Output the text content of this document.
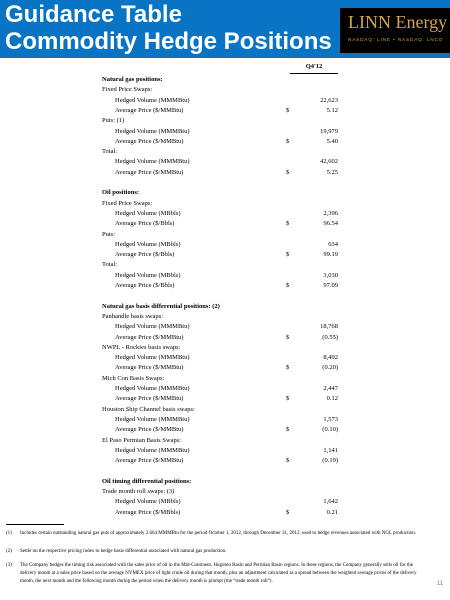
Guidance Table
Commodity Hedge Positions
LINN Energy
NASDAQ: LINE • NASDAQ: LNCO
Q4'12
Natural gas positions:
Fixed Price Swaps:
Hedged Volume (MMMBtu)	22,623
Average Price ($/MMBtu)	$	5.12
Puts: (1)
Hedged Volume (MMMBtu)	19,979
Average Price ($/MMBtu)	$	5.40
Total:
Hedged Volume (MMMBtu)	42,602
Average Price ($/MMBtu)	$	5.25
Oil positions:
Fixed Price Swaps:
Hedged Volume (MBbls)	2,396
Average Price ($/Bbls)	$	96.54
Puts:
Hedged Volume (MBbls)	634
Average Price ($/Bbls)	$	99.19
Total:
Hedged Volume (MBbls)	3,030
Average Price ($/Bbls)	$	97.09
Natural gas basis differential positions: (2)
Panhandle basis swaps:
Hedged Volume (MMMBtu)	18,768
Average Price ($/MMBtu)	$	(0.55)
NWPL - Rockies basis swaps:
Hedged Volume (MMMBtu)	8,492
Average Price ($/MMBtu)	$	(0.20)
Mich Con Basis Swaps:
Hedged Volume (MMMBtu)	2,447
Average Price ($/MMBtu)	$	0.12
Houston Ship Channel basis swaps:
Hedged Volume (MMMBtu)	1,573
Average Price ($/MMBtu)	$	(0.10)
El Paso Permian Basis Swaps:
Hedged Volume (MMMBtu)	1,141
Average Price ($/MMBtu)	$	(0.19)
Oil timing differential positions:
Trade month roll swaps: (3)
Hedged Volume (MBbls)	1,642
Average Price ($/MBbls)	$	0.21
(1) Includes certain outstanding natural gas puts of approximately 2.664 MMMBtu for the period October 1, 2012, through December 31, 2012, used to hedge revenues associated with NGL production.
(2) Settle on the respective pricing index to hedge basis differential associated with natural gas production.
(3) The Company hedges the timing risk associated with the sales price of oil in the Mid-Continent, Hugoton Basin and Permian Basin regions. In these regions, the Company generally sells oil for the delivery month at a sales price based on the average NYMEX price of light crude oil during that month, plus an adjustment calculated as a spread between the weighted average prices of the delivery month, the next month and the following month during the period when the delivery month is prompt (the “trade month roll”).	11
